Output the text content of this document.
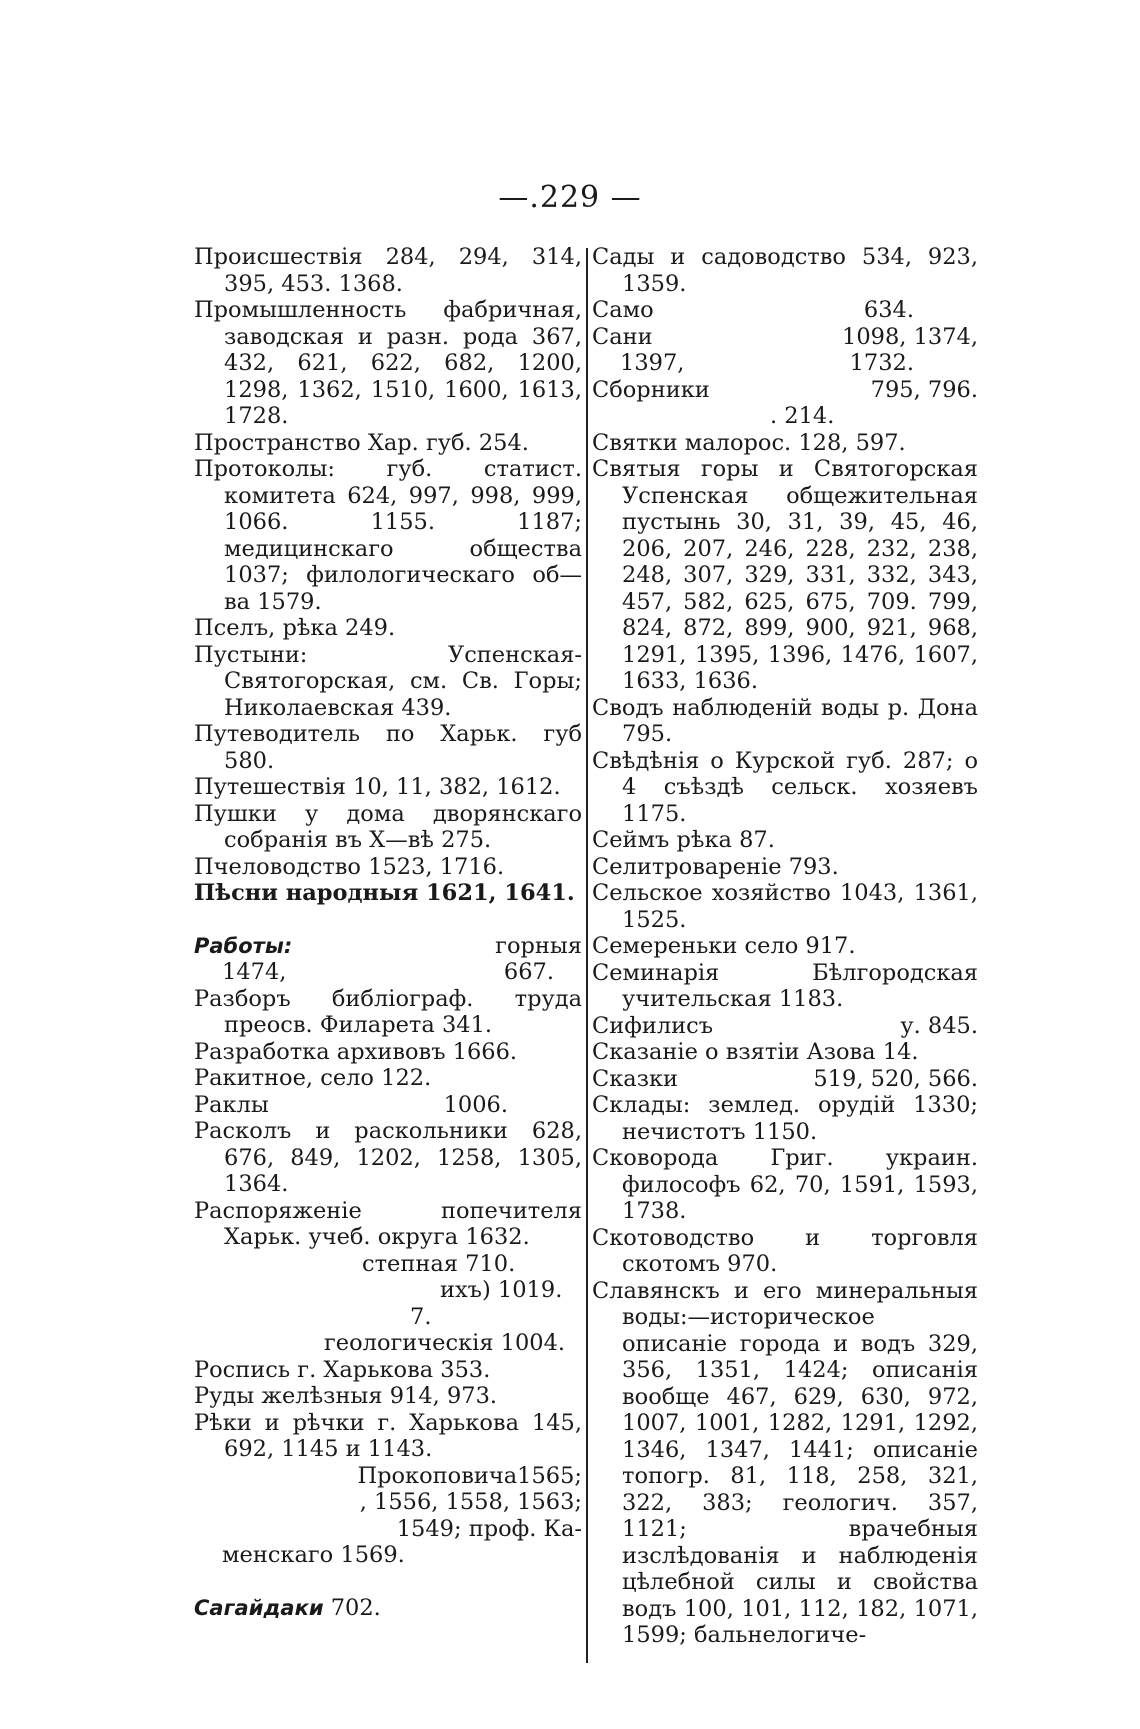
—.229 —
Происшествія 284, 294, 314, 395, 453. 1368.
Промышленность фабричная, заводская и разн. рода 367, 432, 621, 622, 682, 1200, 1298, 1362, 1510, 1600, 1613, 1728.
Пространство Хар. губ. 254.
Протоколы: губ. статист. комитета 624, 997, 998, 999, 1066. 1155. 1187; медицинскаго общества 1037; филологическаго об—ва 1579.
Пселъ, рѣка 249.
Пустыни: Успенская-Святогорская, см. Св. Горы; Николаевская 439.
Путеводитель по Харьк. губ 580.
Путешествія 10, 11, 382, 1612.
Пушки у дома дворянскаго собранія въ Х—вѣ 275.
Пчеловодство 1523, 1716.
Пѣсни народныя 1621, 1641.
Работы:	горныя
1474,	667.
Разборъ библіограф. труда преосв. Филарета 341.
Разработка архивовъ 1666.
Ракитное, село 122.
Раклы	1006.
Расколъ и раскольники 628, 676, 849, 1202, 1258, 1305, 1364.
Распоряженіе попечителя Харьк. учеб. округа 1632.
степная 710.
ихъ) 1019.
7.
геологическія 1004.
Роспись г. Харькова 353.
Руды желѣзныя 914, 973.
Рѣки и рѣчки г. Харькова 145, 692, 1145 и 1143.
Прокоповича1565;
, 1556, 1558, 1563;
1549; проф. Ка-
менскаго 1569.
Сагайдаки 702.
Сады и садоводство 534, 923, 1359.
Само	634.
Сани	1098, 1374,
1397,	1732.
Сборники	795, 796.
. 214.
Святки малорос. 128, 597.
Святыя горы и Святогорская Успенская общежительная пустынь 30, 31, 39, 45, 46, 206, 207, 246, 228, 232, 238, 248, 307, 329, 331, 332, 343, 457, 582, 625, 675, 709. 799, 824, 872, 899, 900, 921, 968, 1291, 1395, 1396, 1476, 1607, 1633, 1636.
Сводъ наблюденій воды р. Дона 795.
Свѣдѣнія о Курской губ. 287; о 4 съѣздѣ сельск. хозяевъ 1175.
Сеймъ рѣка 87.
Селитровареніе 793.
Сельское хозяйство 1043, 1361, 1525.
Семереньки село 917.
Семинарія Бѣлгородская учительская 1183.
Сифилисъ	у. 845.
Сказаніе о взятіи Азова 14.
Сказки	519, 520, 566.
Склады: землед. орудій 1330; нечистотъ 1150.
Сковорода Григ. украин. философъ 62, 70, 1591, 1593, 1738.
Скотоводство и торговля скотомъ 970.
Славянскъ и его минеральныя воды:—историческое описаніе города и водъ 329, 356, 1351, 1424; описанія вообще 467, 629, 630, 972, 1007, 1001, 1282, 1291, 1292, 1346, 1347, 1441; описаніе топогр. 81, 118, 258, 321, 322, 383; геологич. 357, 1121; врачебныя изслѣдованія и наблюденія цѣлебной силы и свойства водъ 100, 101, 112, 182, 1071, 1599; бальнелогиче-
